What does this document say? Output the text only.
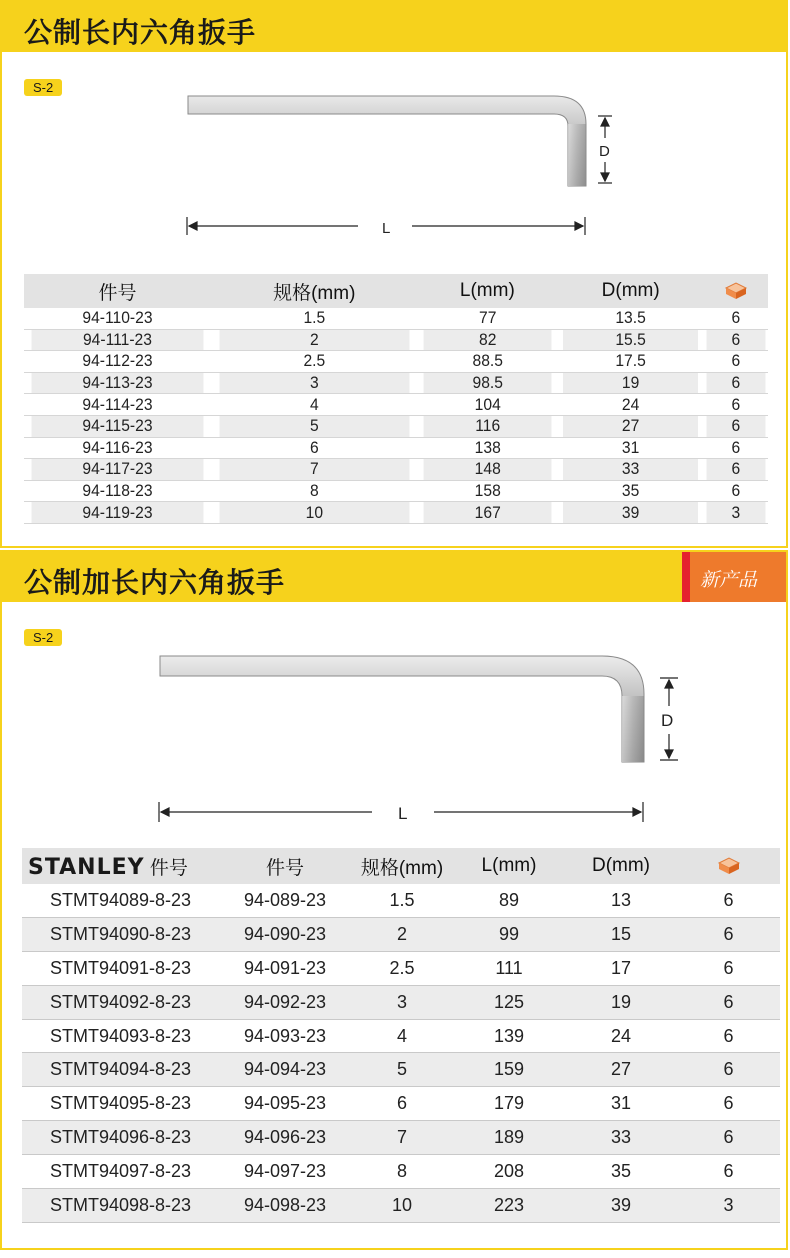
公制长内六角扳手
S-2
D
L
件号	规格(mm)	L(mm)	D(mm)	
94-110-23	1.5	77	13.5	6
94-111-23	2	82	15.5	6
94-112-23	2.5	88.5	17.5	6
94-113-23	3	98.5	19	6
94-114-23	4	104	24	6
94-115-23	5	116	27	6
94-116-23	6	138	31	6
94-117-23	7	148	33	6
94-118-23	8	158	35	6
94-119-23	10	167	39	3
公制加长内六角扳手	新产品
S-2
D
L
STANLEY 件号	件号	规格(mm)	L(mm)	D(mm)	
STMT94089-8-23	94-089-23	1.5	89	13	6
STMT94090-8-23	94-090-23	2	99	15	6
STMT94091-8-23	94-091-23	2.5	111	17	6
STMT94092-8-23	94-092-23	3	125	19	6
STMT94093-8-23	94-093-23	4	139	24	6
STMT94094-8-23	94-094-23	5	159	27	6
STMT94095-8-23	94-095-23	6	179	31	6
STMT94096-8-23	94-096-23	7	189	33	6
STMT94097-8-23	94-097-23	8	208	35	6
STMT94098-8-23	94-098-23	10	223	39	3
